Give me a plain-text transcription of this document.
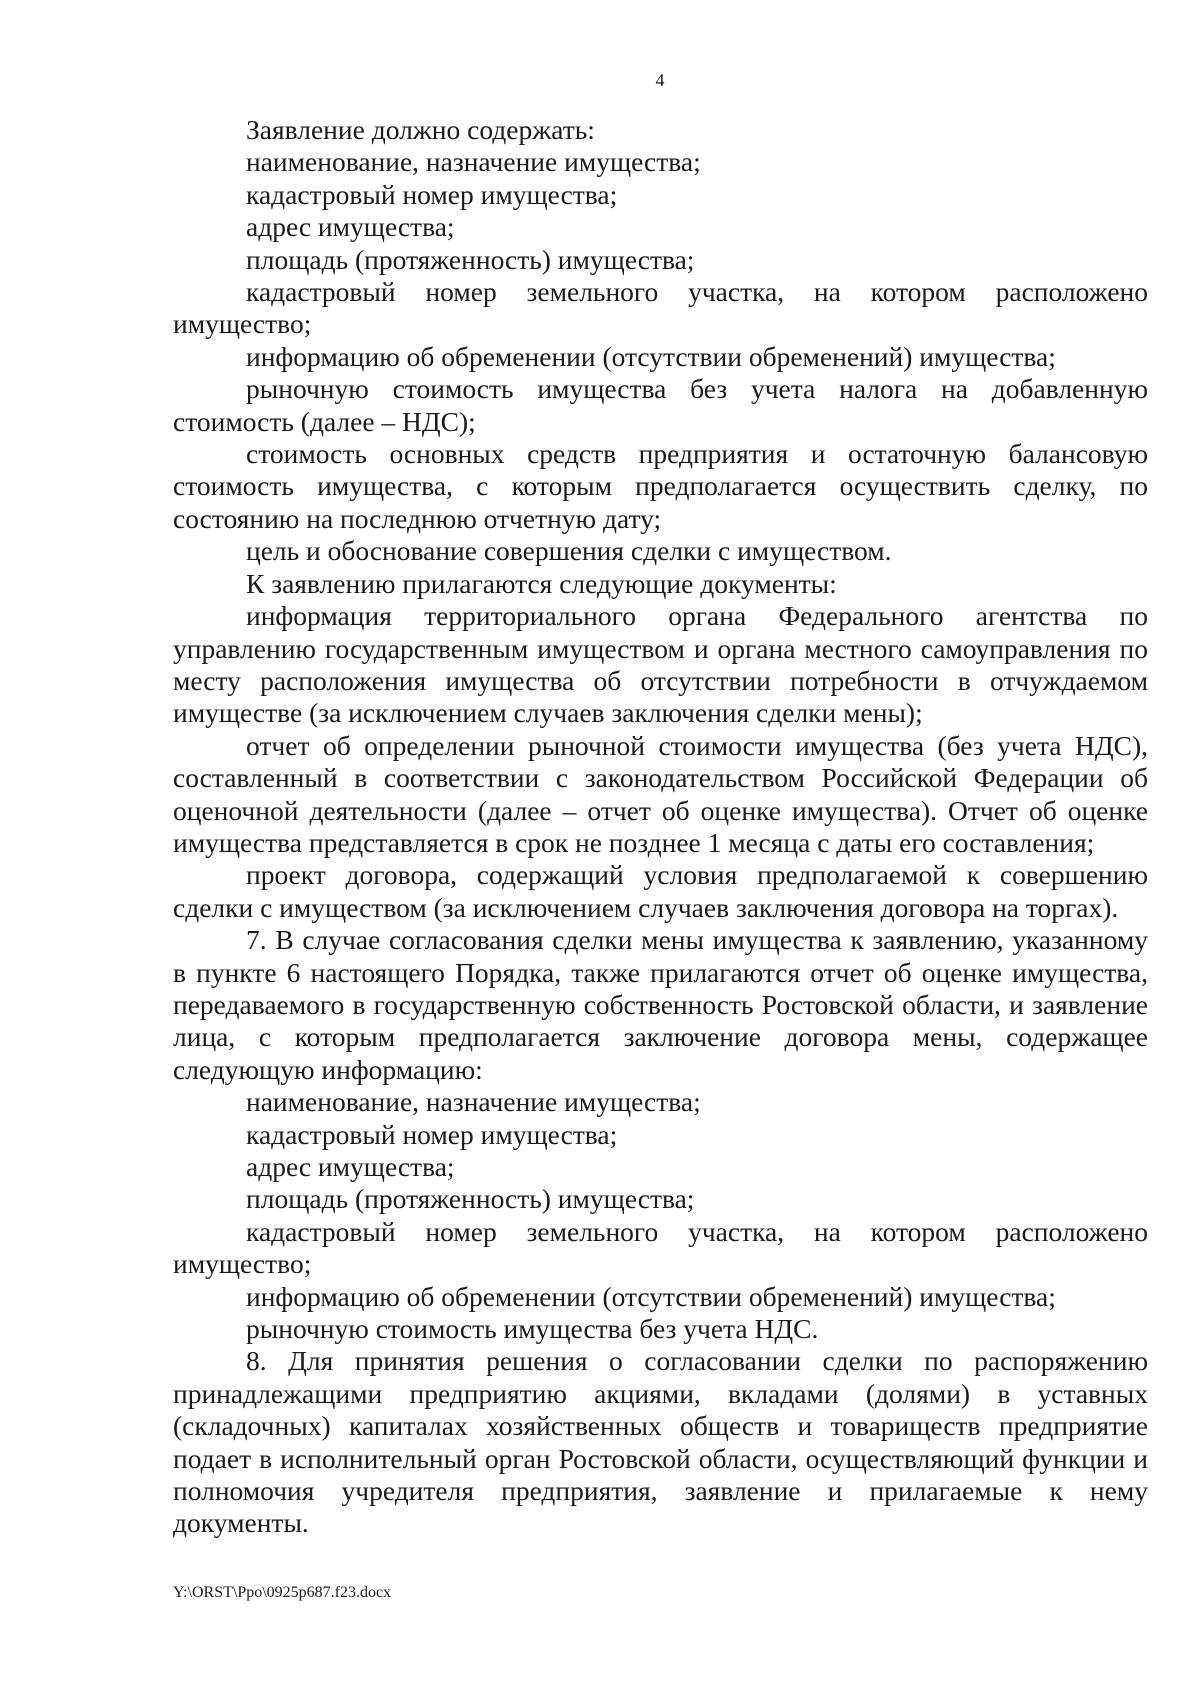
4

Заявление должно содержать:

наименование, назначение имущества;

кадастровый номер имущества;

адрес имущества;

площадь (протяженность) имущества;

кадастровый номер земельного участка, на котором расположено имущество;

информацию об обременении (отсутствии обременений) имущества;

рыночную стоимость имущества без учета налога на добавленную стоимость (далее – НДС);

стоимость основных средств предприятия и остаточную балансовую стоимость имущества, с которым предполагается осуществить сделку, по состоянию на последнюю отчетную дату;

цель и обоснование совершения сделки с имуществом.

К заявлению прилагаются следующие документы:

информация территориального органа Федерального агентства по управлению государственным имуществом и органа местного самоуправления по месту расположения имущества об отсутствии потребности в отчуждаемом имуществе (за исключением случаев заключения сделки мены);

отчет об определении рыночной стоимости имущества (без учета НДС), составленный в соответствии с законодательством Российской Федерации об оценочной деятельности (далее – отчет об оценке имущества). Отчет об оценке имущества представляется в срок не позднее 1 месяца с даты его составления;

проект договора, содержащий условия предполагаемой к совершению сделки с имуществом (за исключением случаев заключения договора на торгах).

7. В случае согласования сделки мены имущества к заявлению, указанному в пункте 6 настоящего Порядка, также прилагаются отчет об оценке имущества, передаваемого в государственную собственность Ростовской области, и заявление лица, с которым предполагается заключение договора мены, содержащее следующую информацию:

наименование, назначение имущества;

кадастровый номер имущества;

адрес имущества;

площадь (протяженность) имущества;

кадастровый номер земельного участка, на котором расположено имущество;

информацию об обременении (отсутствии обременений) имущества;

рыночную стоимость имущества без учета НДС.

8. Для принятия решения о согласовании сделки по распоряжению принадлежащими предприятию акциями, вкладами (долями) в уставных (складочных) капиталах хозяйственных обществ и товариществ предприятие подает в исполнительный орган Ростовской области, осуществляющий функции и полномочия учредителя предприятия, заявление и прилагаемые к нему документы.

Y:\ORST\Ppo\0925p687.f23.docx
